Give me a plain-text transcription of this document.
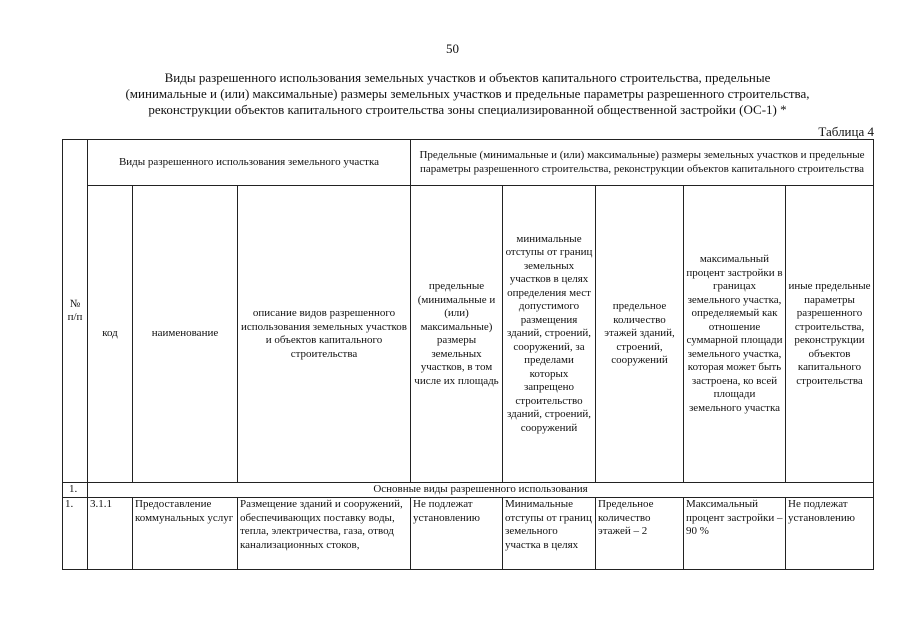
50
Виды разрешенного использования земельных участков и объектов капитального строительства, предельные
(минимальные и (или) максимальные) размеры земельных участков и предельные параметры разрешенного строительства,
реконструкции объектов капитального строительства зоны специализированной общественной застройки (ОС-1) *
Таблица 4
№ п/п	Виды разрешенного использования земельного участка			Предельные (минимальные и (или) максимальные) размеры земельных участков и предельные параметры разрешенного строительства, реконструкции объектов капитального строительства				
	код	наименование	описание видов разрешенного использования земельных участков и объектов капитального строительства	предельные (минимальные и (или) максимальные) размеры земельных участков, в том числе их площадь	минимальные отступы от границ земельных участков в целях определения мест допустимого размещения зданий, строений, сооружений, за пределами которых запрещено строительство зданий, строений, сооружений	предельное количество этажей зданий, строений, сооружений	максимальный процент застройки в границах земельного участка, определяемый как отношение суммарной площади земельного участка, которая может быть застроена, ко всей площади земельного участка	иные предельные параметры разрешенного строительства, реконструкции объектов капитального строительства

1.	Основные виды разрешенного использования							
1.	3.1.1	Предоставление коммунальных услуг	Размещение зданий и сооружений, обеспечивающих поставку воды, тепла, электричества, газа, отвод канализационных стоков,	Не подлежат установлению	Минимальные отступы от границ земельного участка в целях	Предельное количество этажей – 2	Максимальный процент застройки – 90 %	Не подлежат установлению
